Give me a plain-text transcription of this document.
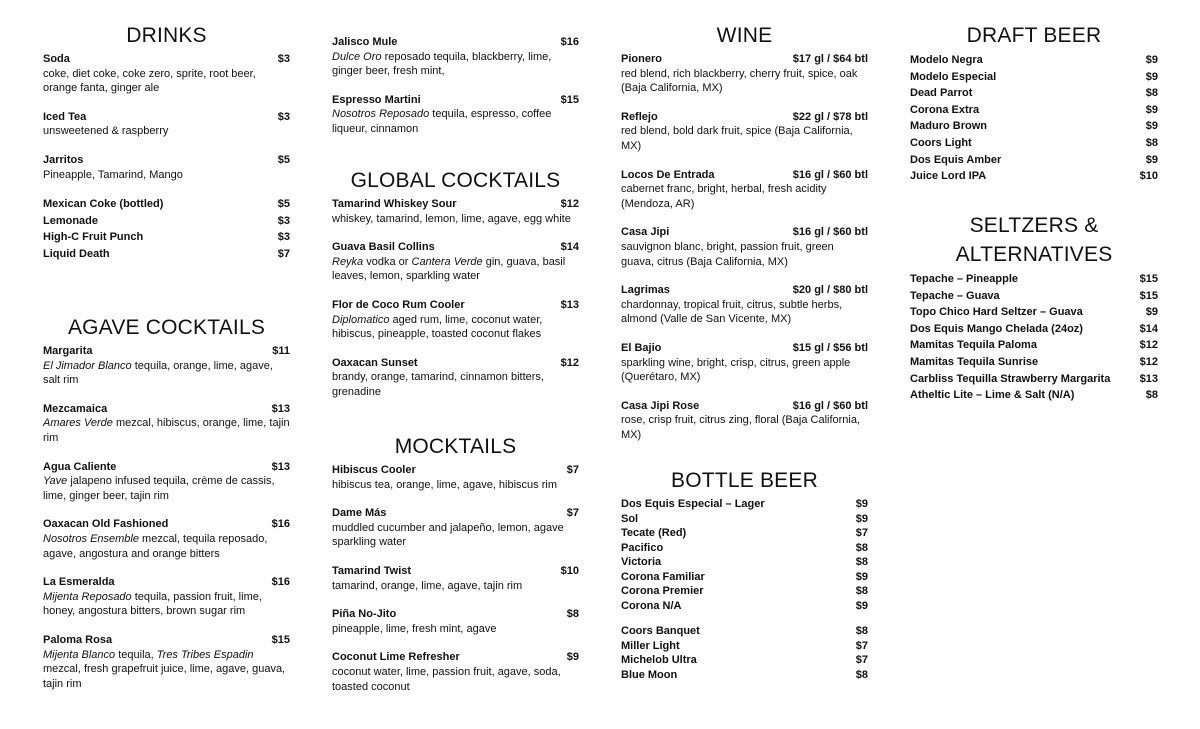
DRINKS
Soda	$3
coke, diet coke, coke zero, sprite, root beer, orange fanta, ginger ale
Iced Tea	$3
unsweetened & raspberry
Jarritos	$5
Pineapple, Tamarind, Mango
Mexican Coke (bottled)	$5
Lemonade	$3
High-C Fruit Punch	$3
Liquid Death	$7
AGAVE COCKTAILS
Margarita	$11
El Jimador Blanco tequila, orange, lime, agave, salt rim
Mezcamaica	$13
Amares Verde mezcal, hibiscus, orange, lime, tajin rim
Agua Caliente	$13
Yave jalapeno infused tequila, crème de cassis, lime, ginger beer, tajin rim
Oaxacan Old Fashioned	$16
Nosotros Ensemble mezcal, tequila reposado, agave, angostura and orange bitters
La Esmeralda	$16
Mijenta Reposado tequila, passion fruit, lime, honey, angostura bitters, brown sugar rim
Paloma Rosa	$15
Mijenta Blanco tequila, Tres Tribes Espadin mezcal, fresh grapefruit juice, lime, agave, guava, tajin rim
Jalisco Mule	$16
Dulce Oro reposado tequila, blackberry, lime, ginger beer, fresh mint,
Espresso Martini	$15
Nosotros Reposado tequila, espresso, coffee liqueur, cinnamon
GLOBAL COCKTAILS
Tamarind Whiskey Sour	$12
whiskey, tamarind, lemon, lime, agave, egg white
Guava Basil Collins	$14
Reyka vodka or Cantera Verde gin, guava, basil leaves, lemon, sparkling water
Flor de Coco Rum Cooler	$13
Diplomatico aged rum, lime, coconut water, hibiscus, pineapple, toasted coconut flakes
Oaxacan Sunset	$12
brandy, orange, tamarind, cinnamon bitters, grenadine
MOCKTAILS
Hibiscus Cooler	$7
hibiscus tea, orange, lime, agave, hibiscus rim
Dame Más	$7
muddled cucumber and jalapeño, lemon, agave sparkling water
Tamarind Twist	$10
tamarind, orange, lime, agave, tajin rim
Piña No-Jito	$8
pineapple, lime, fresh mint, agave
Coconut Lime Refresher	$9
coconut water, lime, passion fruit, agave, soda, toasted coconut
WINE
Pionero	$17 gl / $64 btl
red blend, rich blackberry, cherry fruit, spice, oak (Baja California, MX)
Reflejo	$22 gl / $78 btl
red blend, bold dark fruit, spice (Baja California, MX)
Locos De Entrada	$16 gl / $60 btl
cabernet franc, bright, herbal, fresh acidity (Mendoza, AR)
Casa Jipi	$16 gl / $60 btl
sauvignon blanc, bright, passion fruit, green guava, citrus (Baja California, MX)
Lagrimas	$20 gl / $80 btl
chardonnay, tropical fruit, citrus, subtle herbs, almond (Valle de San Vicente, MX)
El Bajio	$15 gl / $56 btl
sparkling wine, bright, crisp, citrus, green apple (Querétaro, MX)
Casa Jipi Rose	$16 gl / $60 btl
rose, crisp fruit, citrus zing, floral (Baja California, MX)
BOTTLE BEER
Dos Equis Especial – Lager	$9
Sol	$9
Tecate (Red)	$7
Pacifico	$8
Victoria	$8
Corona Familiar	$9
Corona Premier	$8
Corona N/A	$9
Coors Banquet	$8
Miller Light	$7
Michelob Ultra	$7
Blue Moon	$8
DRAFT BEER
Modelo Negra	$9
Modelo Especial	$9
Dead Parrot	$8
Corona Extra	$9
Maduro Brown	$9
Coors Light	$8
Dos Equis Amber	$9
Juice Lord IPA	$10
SELTZERS &
ALTERNATIVES
Tepache – Pineapple	$15
Tepache – Guava	$15
Topo Chico Hard Seltzer – Guava	$9
Dos Equis Mango Chelada (24oz)	$14
Mamitas Tequila Paloma	$12
Mamitas Tequila Sunrise	$12
Carbliss Tequilla Strawberry Margarita	$13
Atheltic Lite – Lime & Salt (N/A)	$8
